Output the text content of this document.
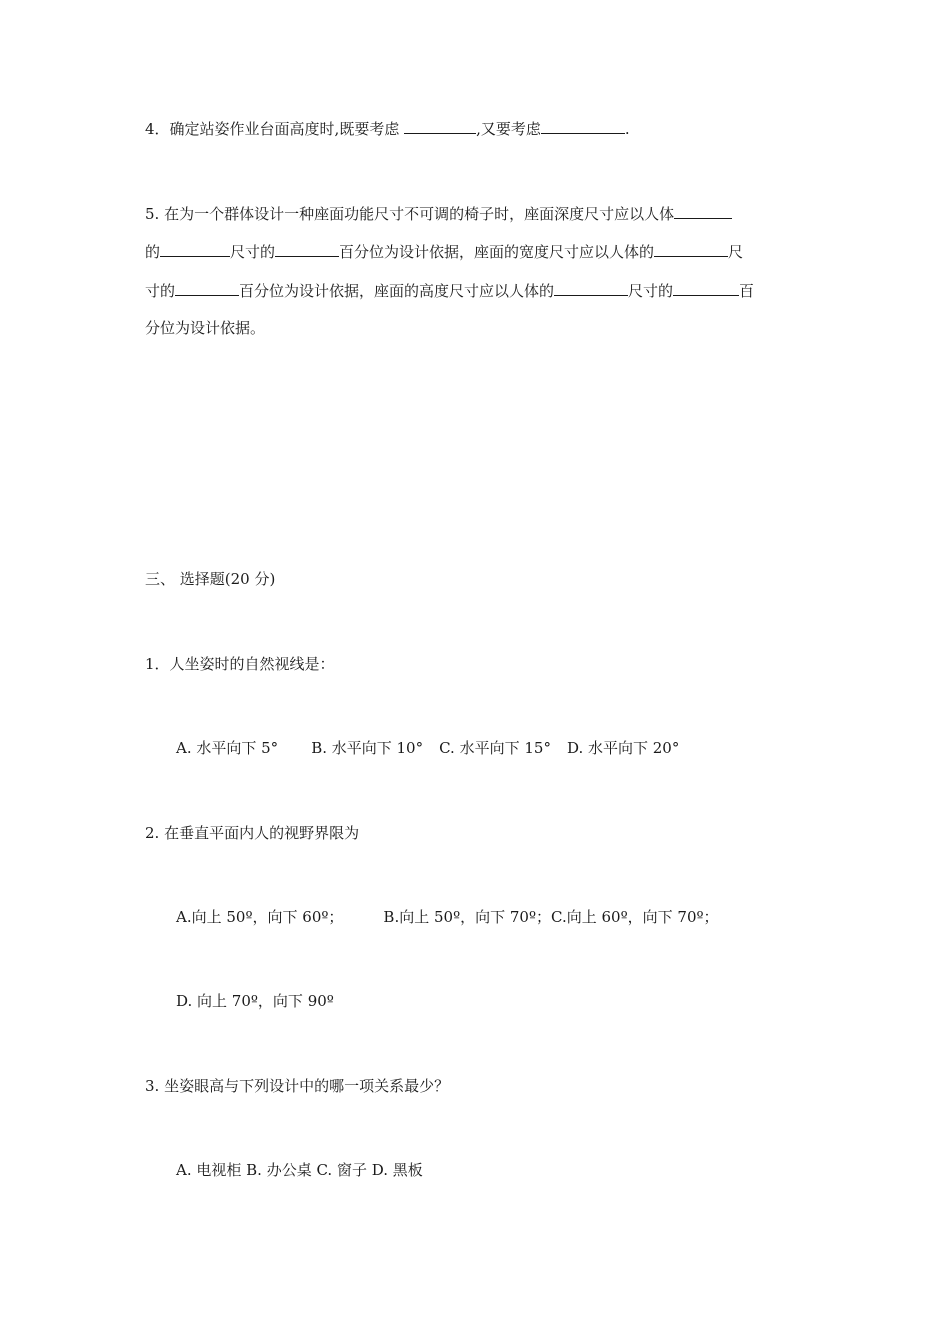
4．确定站姿作业台面高度时,既要考虑	,又要考虑	.
5. 在为一个群体设计一种座面功能尺寸不可调的椅子时，座面深度尺寸应以人体
的	尺寸的	百分位为设计依据，座面的宽度尺寸应以人体的	尺
寸的	百分位为设计依据，座面的高度尺寸应以人体的	尺寸的	百
分位为设计依据。
三、 选择题(20 分)
1．人坐姿时的自然视线是：
A. 水平向下 5° B. 水平向下 10° C. 水平向下 15° D. 水平向下 20°
2. 在垂直平面内人的视野界限为
A.向上 50º，向下 60º；	B.向上 50º，向下 70º；C.向上 60º，向下 70º；
D. 向上 70º，向下 90º
3. 坐姿眼高与下列设计中的哪一项关系最少？
A. 电视柜 B. 办公桌 C. 窗子 D. 黑板
